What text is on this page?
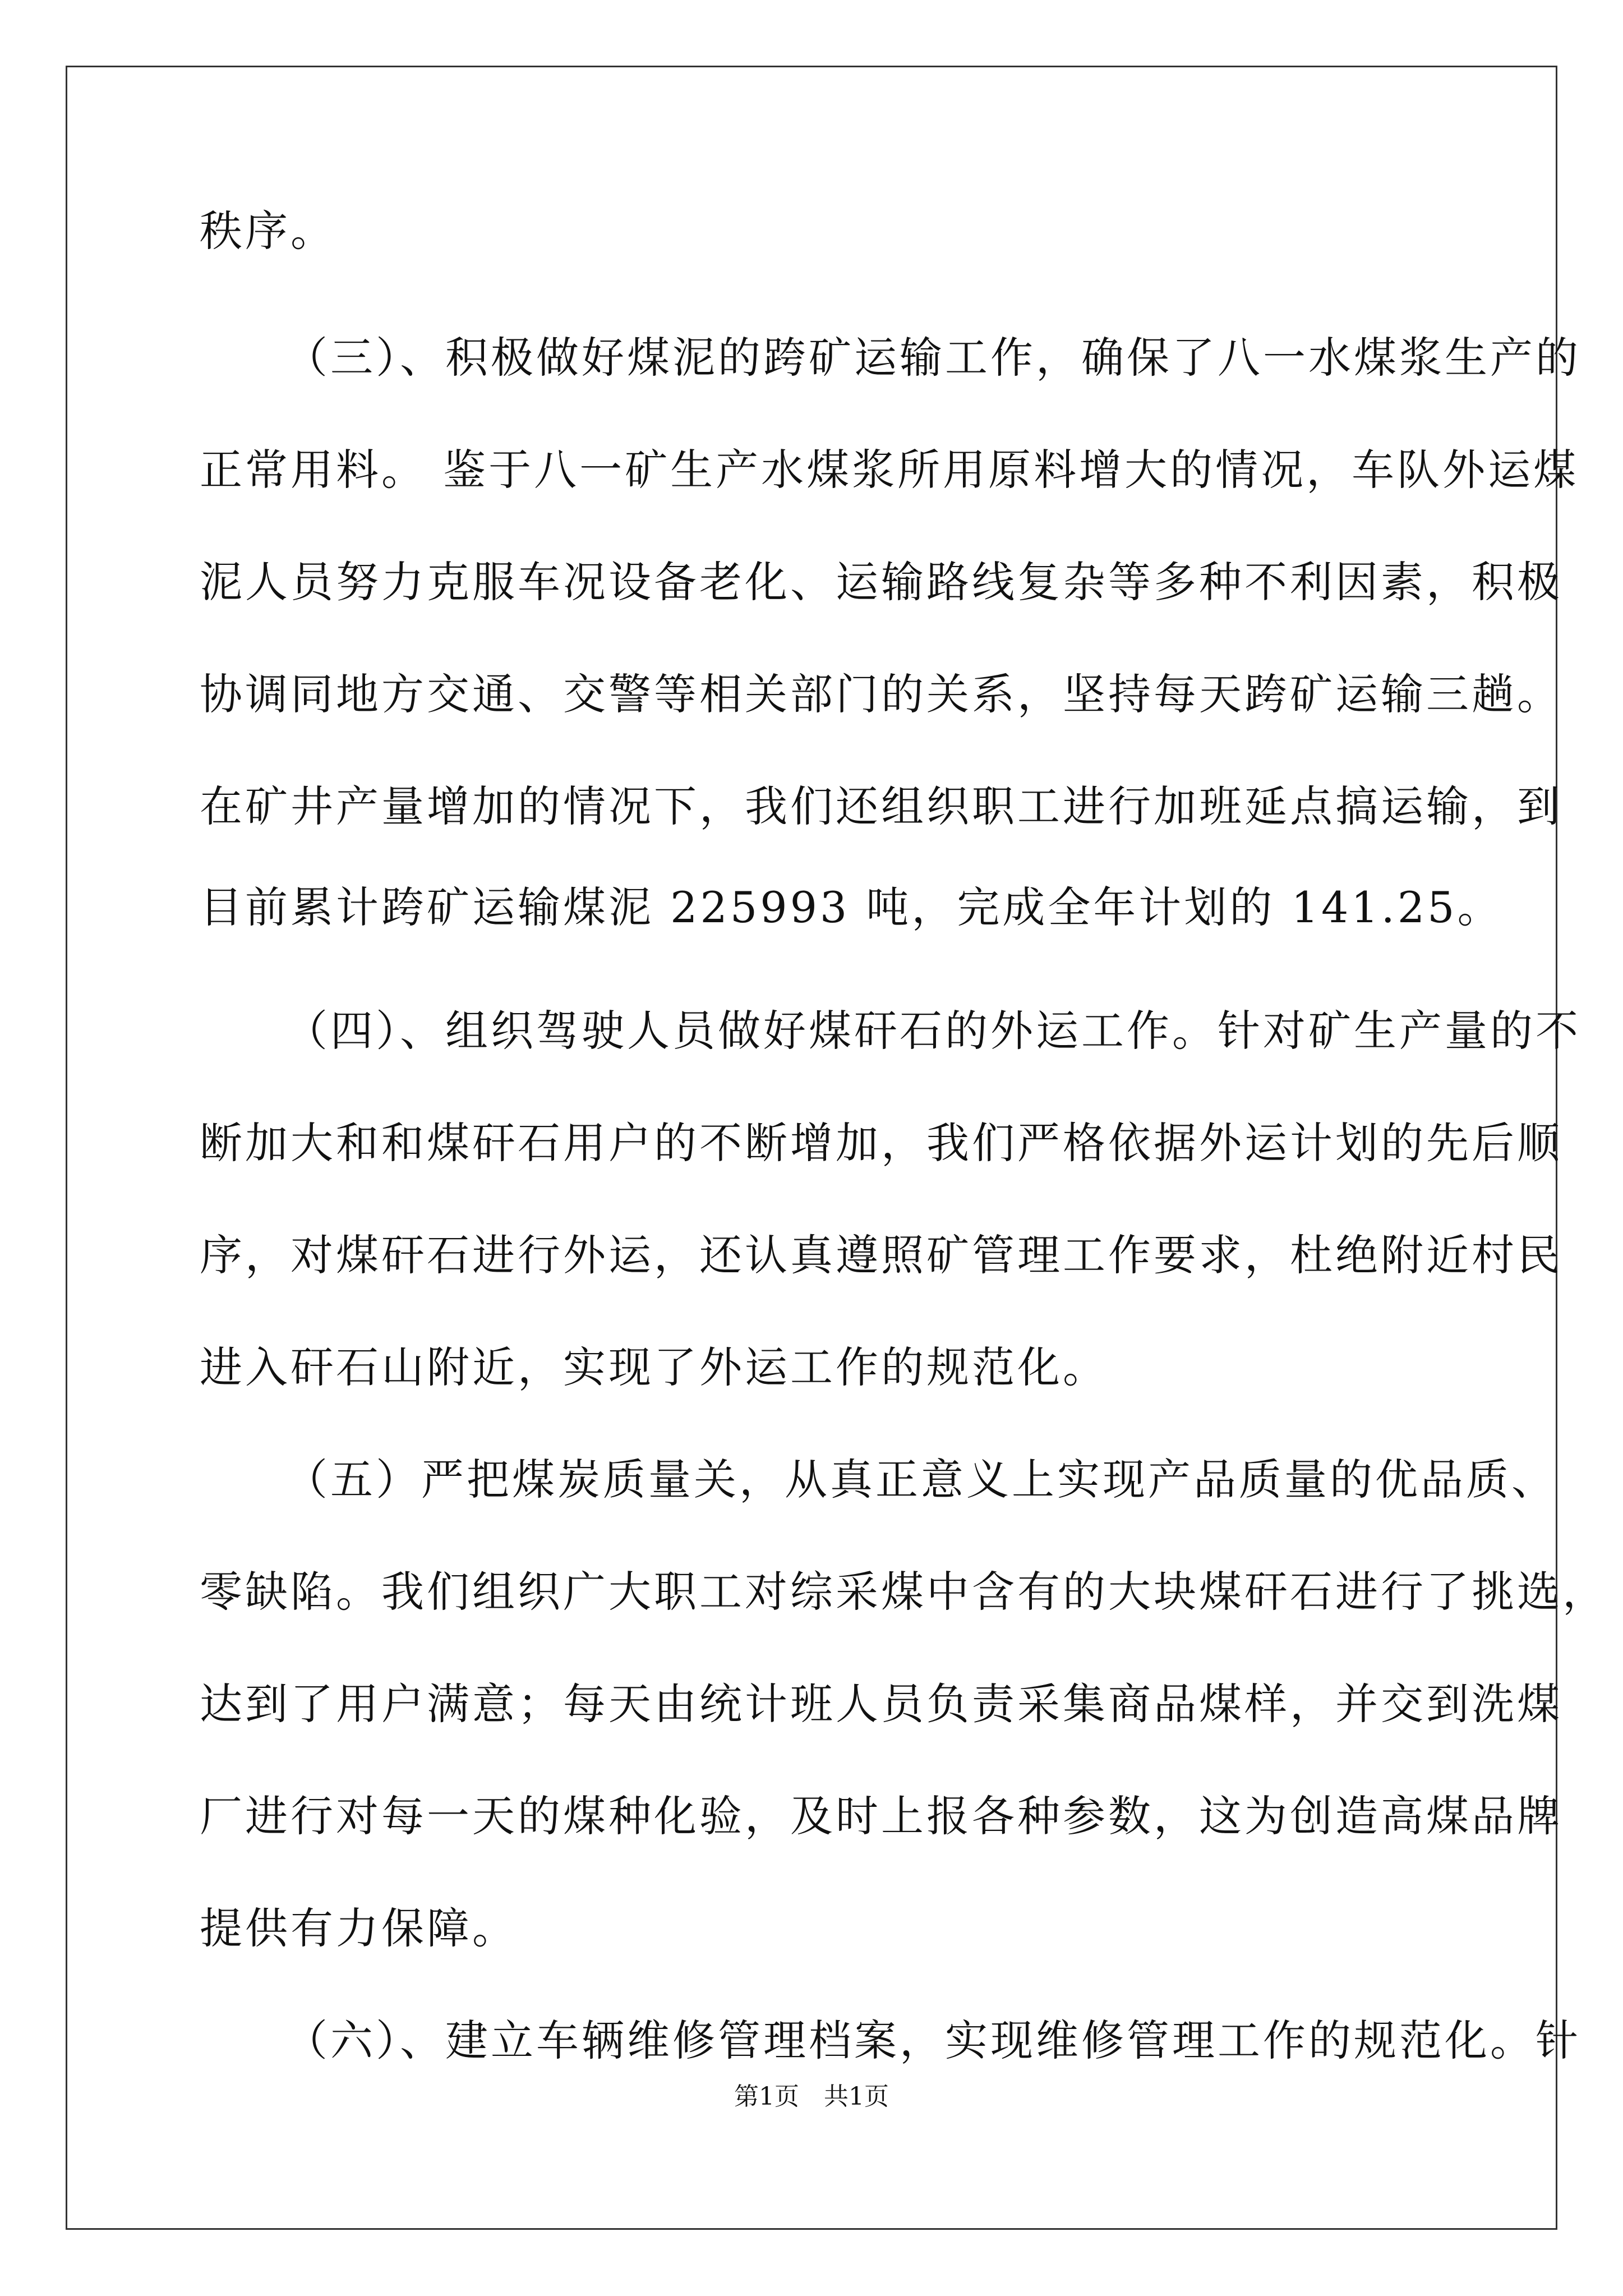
秩序。
（三）、积极做好煤泥的跨矿运输工作，确保了八一水煤浆生产的
正常用料。 鉴于八一矿生产水煤浆所用原料增大的情况，车队外运煤
泥人员努力克服车况设备老化、运输路线复杂等多种不利因素，积极
协调同地方交通、交警等相关部门的关系，坚持每天跨矿运输三趟。
在矿井产量增加的情况下，我们还组织职工进行加班延点搞运输，到
目前累计跨矿运输煤泥 225993 吨，完成全年计划的 141.25。
（四）、组织驾驶人员做好煤矸石的外运工作。针对矿生产量的不
断加大和和煤矸石用户的不断增加，我们严格依据外运计划的先后顺
序，对煤矸石进行外运，还认真遵照矿管理工作要求，杜绝附近村民
进入矸石山附近，实现了外运工作的规范化。
（五）严把煤炭质量关，从真正意义上实现产品质量的优品质、
零缺陷。我们组织广大职工对综采煤中含有的大块煤矸石进行了挑选，
达到了用户满意；每天由统计班人员负责采集商品煤样，并交到洗煤
厂进行对每一天的煤种化验，及时上报各种参数，这为创造高煤品牌
提供有力保障。
（六）、建立车辆维修管理档案，实现维修管理工作的规范化。针
第1页　共1页
